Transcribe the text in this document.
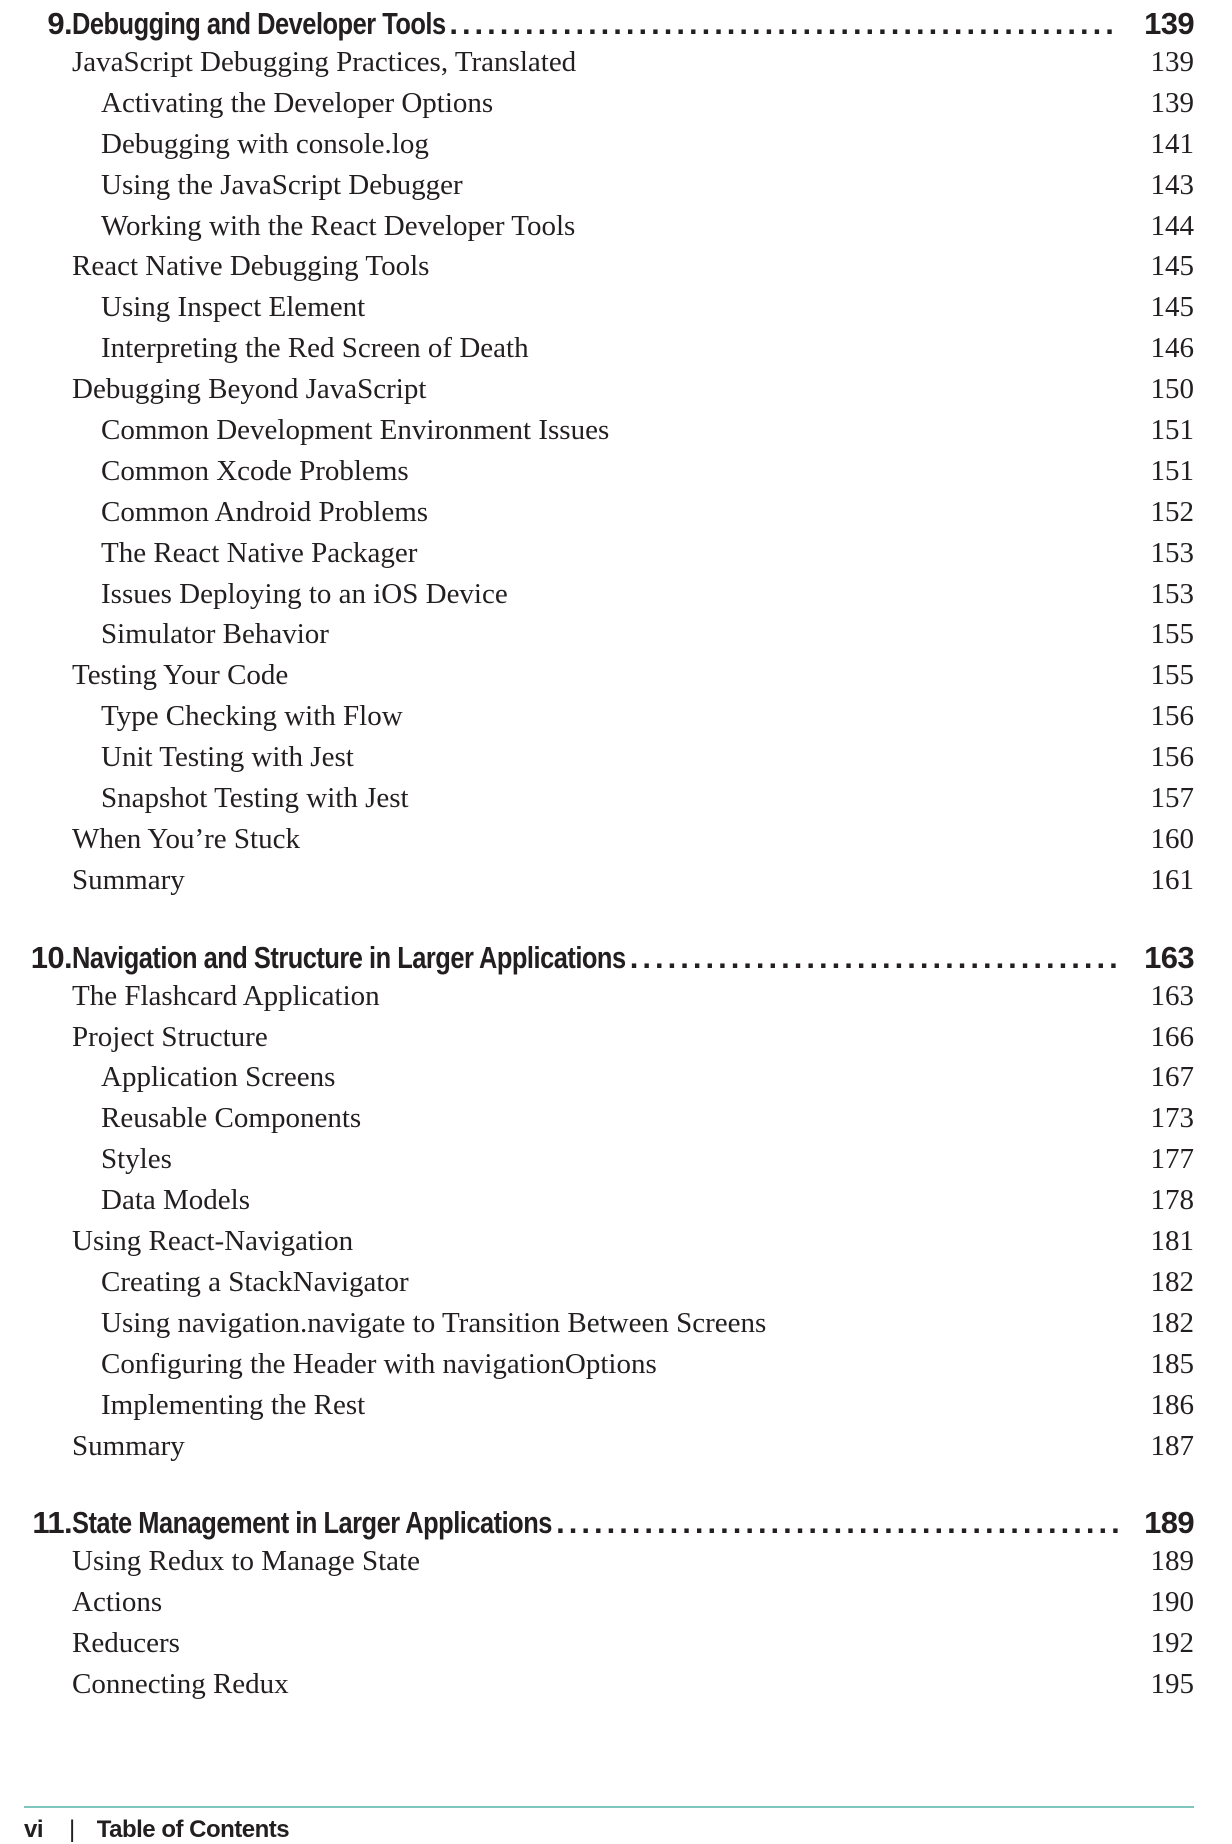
9. Debugging and Developer Tools .....	139
JavaScript Debugging Practices, Translated	139
Activating the Developer Options	139
Debugging with console.log	141
Using the JavaScript Debugger	143
Working with the React Developer Tools	144
React Native Debugging Tools	145
Using Inspect Element	145
Interpreting the Red Screen of Death	146
Debugging Beyond JavaScript	150
Common Development Environment Issues	151
Common Xcode Problems	151
Common Android Problems	152
The React Native Packager	153
Issues Deploying to an iOS Device	153
Simulator Behavior	155
Testing Your Code	155
Type Checking with Flow	156
Unit Testing with Jest	156
Snapshot Testing with Jest	157
When You’re Stuck	160
Summary	161
10. Navigation and Structure in Larger Applications .....	163
The Flashcard Application	163
Project Structure	166
Application Screens	167
Reusable Components	173
Styles	177
Data Models	178
Using React-Navigation	181
Creating a StackNavigator	182
Using navigation.navigate to Transition Between Screens	182
Configuring the Header with navigationOptions	185
Implementing the Rest	186
Summary	187
11. State Management in Larger Applications .....	189
Using Redux to Manage State	189
Actions	190
Reducers	192
Connecting Redux	195
vi | Table of Contents
